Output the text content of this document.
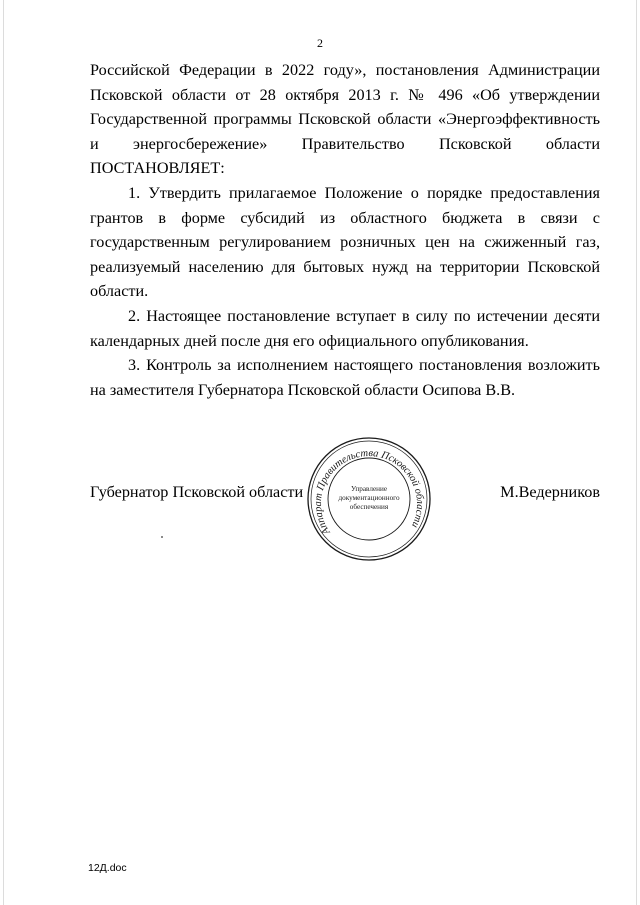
2

Российской Федерации в 2022 году», постановления Администрации Псковской области от 28 октября 2013 г. № 496 «Об утверждении Государственной программы Псковской области «Энергоэффективность и энергосбережение» Правительство Псковской области

ПОСТАНОВЛЯЕТ:

1. Утвердить прилагаемое Положение о порядке предоставления грантов в форме субсидий из областного бюджета в связи с государственным регулированием розничных цен на сжиженный газ, реализуемый населению для бытовых нужд на территории Псковской области.

2. Настоящее постановление вступает в силу по истечении десяти календарных дней после дня его официального опубликования.

3. Контроль за исполнением настоящего постановления возложить на заместителя Губернатора Псковской области Осипова В.В.

Губернатор Псковской области	М.Ведерников
Аппарат Правительства Псковской области
Управление
документационного
обеспечения
12Д.doc
